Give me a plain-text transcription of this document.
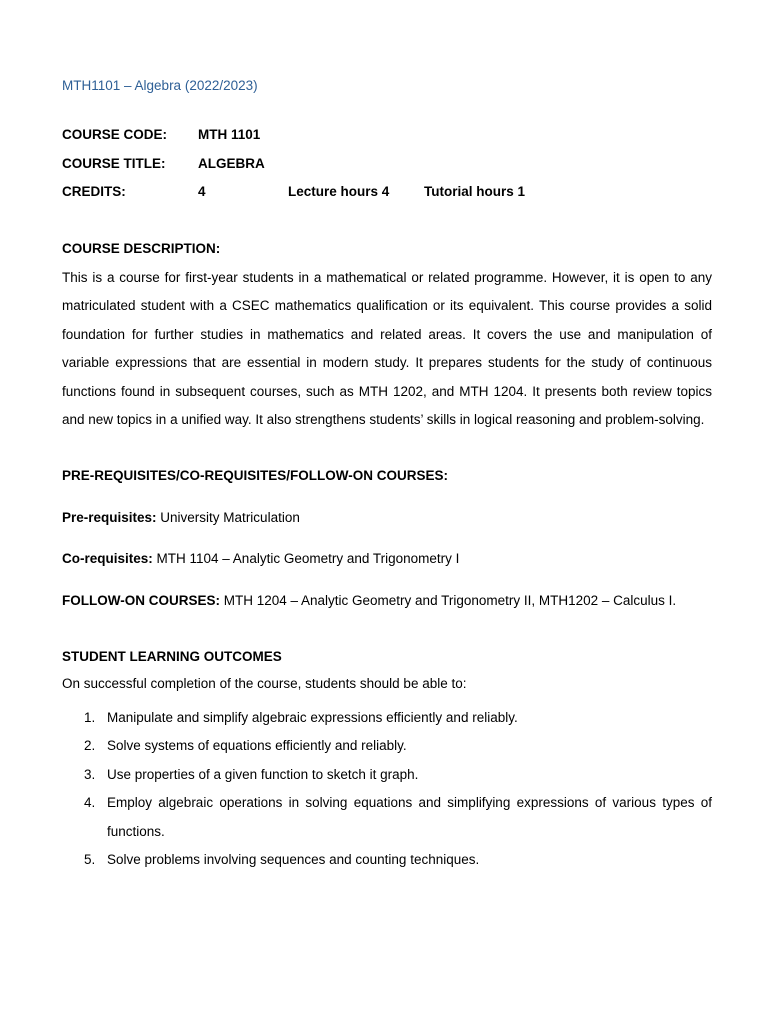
MTH1101 – Algebra (2022/2023)
COURSE CODE: MTH 1101
COURSE TITLE: ALGEBRA
CREDITS:	4	Lecture hours 4	Tutorial hours 1
COURSE DESCRIPTION:
This is a course for first-year students in a mathematical or related programme. However, it is open to any matriculated student with a CSEC mathematics qualification or its equivalent. This course provides a solid foundation for further studies in mathematics and related areas. It covers the use and manipulation of variable expressions that are essential in modern study. It prepares students for the study of continuous functions found in subsequent courses, such as MTH 1202, and MTH 1204. It presents both review topics and new topics in a unified way. It also strengthens students’ skills in logical reasoning and problem-solving.
PRE-REQUISITES/CO-REQUISITES/FOLLOW-ON COURSES:
Pre-requisites: University Matriculation
Co-requisites: MTH 1104 – Analytic Geometry and Trigonometry I
FOLLOW-ON COURSES: MTH 1204 – Analytic Geometry and Trigonometry II, MTH1202 – Calculus I.
STUDENT LEARNING OUTCOMES
On successful completion of the course, students should be able to:
1. Manipulate and simplify algebraic expressions efficiently and reliably.
2. Solve systems of equations efficiently and reliably.
3. Use properties of a given function to sketch it graph.
4. Employ algebraic operations in solving equations and simplifying expressions of various types of functions.
5. Solve problems involving sequences and counting techniques.
